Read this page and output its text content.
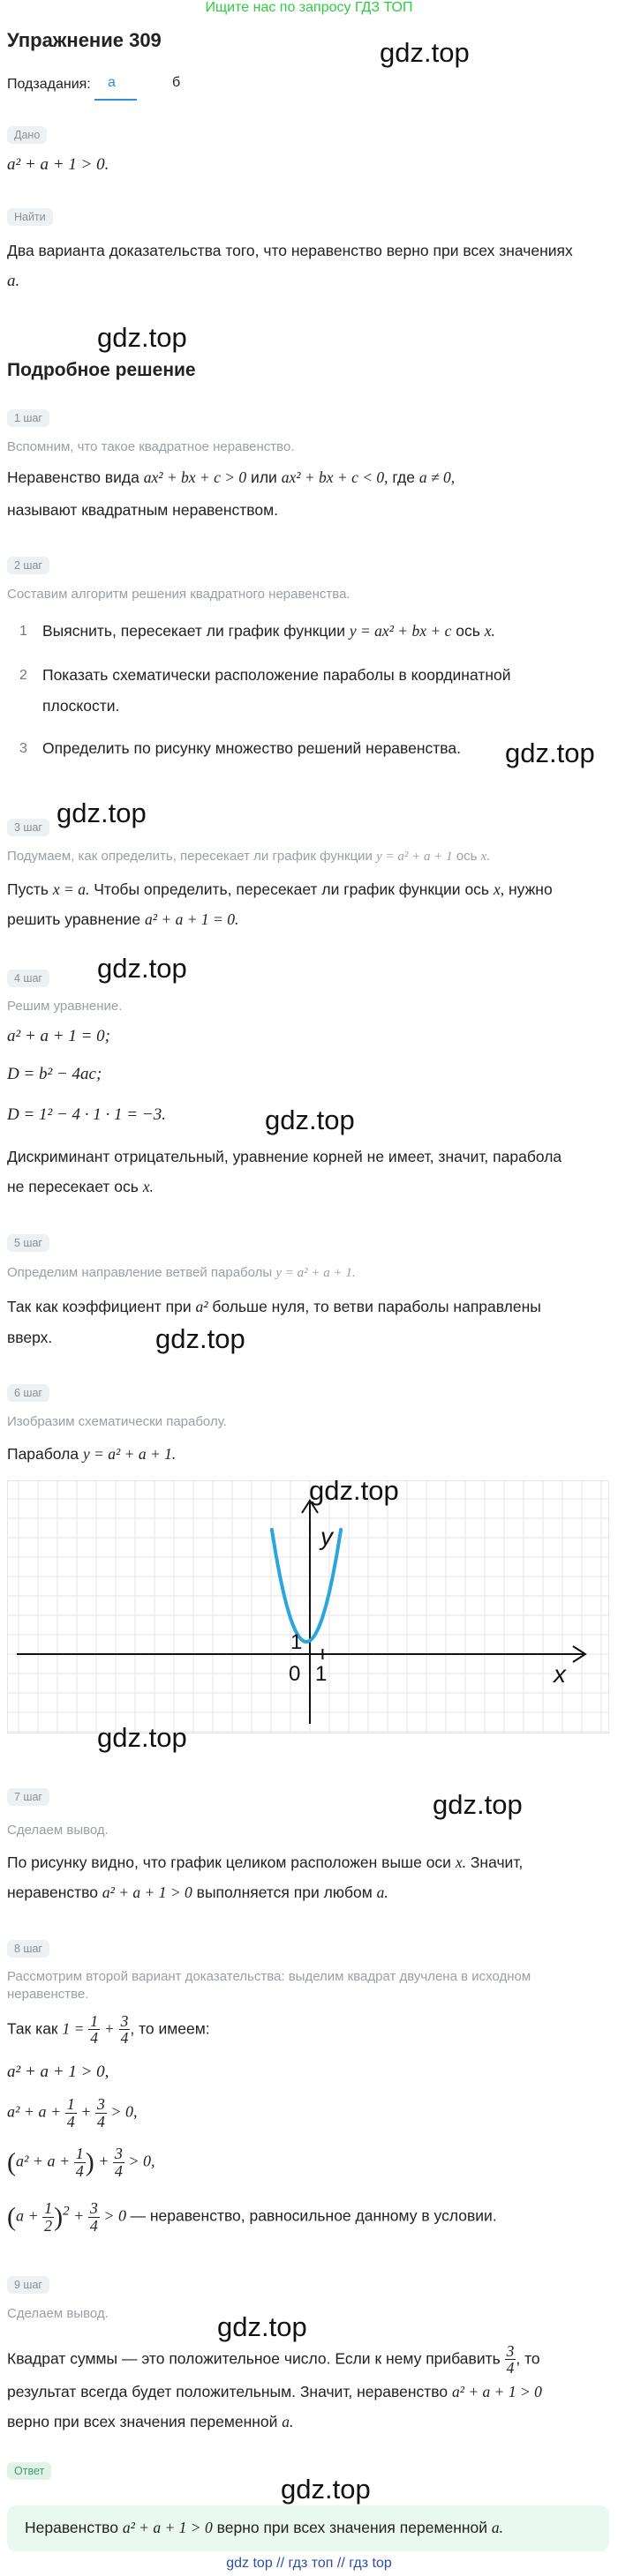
Ищите нас по запросу ГДЗ ТОП
Упражнение 309	gdz.top
Подзадания: а	б
Дано
a² + a + 1 > 0.
Найти
Два варианта доказательства того, что неравенство верно при всех значениях
a.
gdz.top
Подробное решение
1 шаг
Вспомним, что такое квадратное неравенство.
Неравенство вида ax² + bx + c > 0 или ax² + bx + c < 0, где a ≠ 0,
называют квадратным неравенством.
2 шаг
Составим алгоритм решения квадратного неравенства.
1 Выяснить, пересекает ли график функции y = ax² + bx + c ось x.
2 Показать схематически расположение параболы в координатной
плоскости.
3 Определить по рисунку множество решений неравенства. gdz.top
gdz.top
3 шаг
Подумаем, как определить, пересекает ли график функции y = a² + a + 1 ось x.
Пусть x = a. Чтобы определить, пересекает ли график функции ось x, нужно
решить уравнение a² + a + 1 = 0.
gdz.top
4 шаг
Решим уравнение.
a² + a + 1 = 0;
D = b² − 4ac;
D = 1² − 4 · 1 · 1 = −3.	gdz.top
Дискриминант отрицательный, уравнение корней не имеет, значит, парабола
не пересекает ось x.
5 шаг
Определим направление ветвей параболы y = a² + a + 1.
Так как коэффициент при a² больше нуля, то ветви параболы направлены
вверх.	gdz.top
6 шаг
Изобразим схематически параболу.
Парабола y = a² + a + 1.
x
y
0 1
1
gdz.top
gdz.top
gdz.top
7 шаг
Сделаем вывод.
По рисунку видно, что график целиком расположен выше оси x. Значит,
неравенство a² + a + 1 > 0 выполняется при любом a.
8 шаг
Рассмотрим второй вариант доказательства: выделим квадрат двучлена в исходном
неравенстве.
Так как $1 = \frac{1}{4} + \frac{3}{4}$ , то имеем:
a² + a + 1 > 0,
$a^2 + a + \frac{1}{4} + \frac{3}{4} > 0$,
($a^2 + a + \frac{1}{4}$ ) + $\frac{3}{4} > 0$,
$(a + \frac{1}{2} )^2 + \frac{3}{4} > 0$ — неравенство, равносильное данному в условии.
9 шаг
Сделаем вывод.	gdz.top
Квадрат суммы — это положительное число. Если к нему прибавить $\frac{3}{4}$ , то
результат всегда будет положительным. Значит, неравенство a² + a + 1 > 0
верно при всех значения переменной a.
Ответ
gdz.top
Неравенство a² + a + 1 > 0 верно при всех значения переменной a.
gdz top // гдз топ // гдз top
